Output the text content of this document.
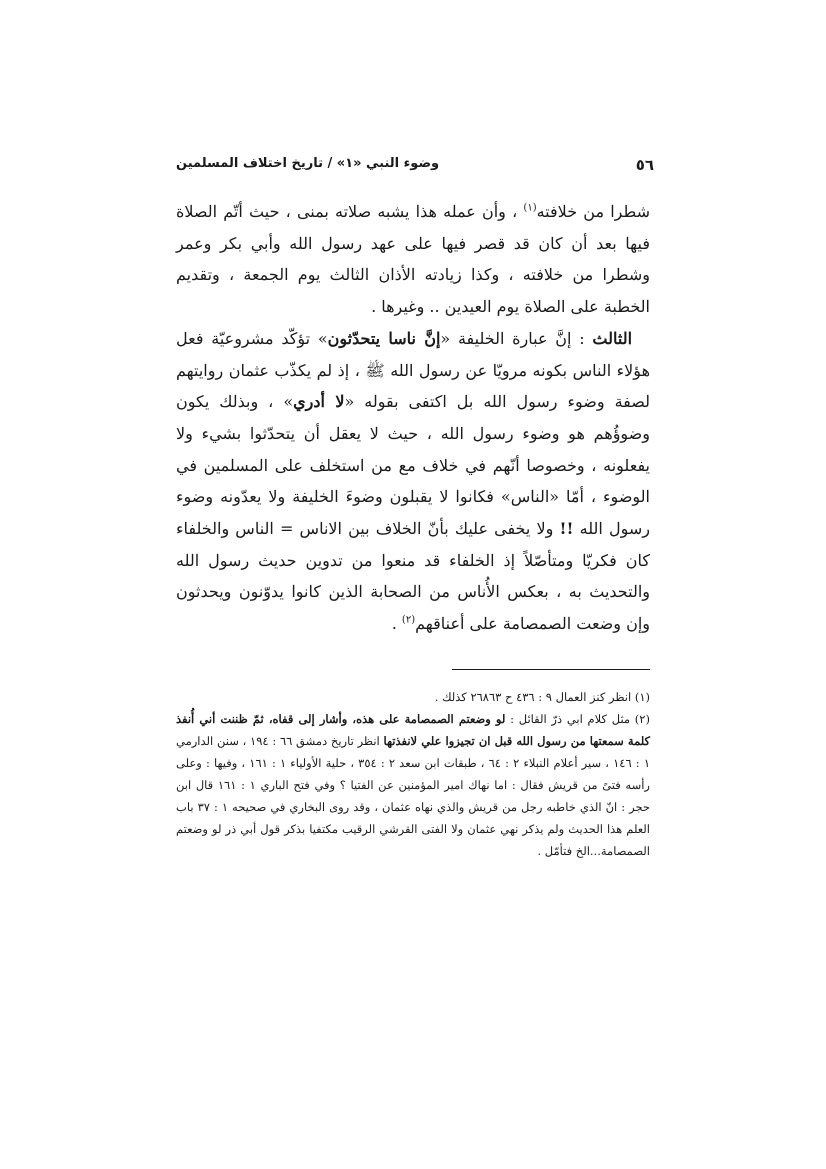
٥٦
وضوء النبي «١» / تاريخ اختلاف المسلمين

شطرا من خلافته$^{(١)}$ ، وأن عمله هذا يشبه صلاته بمنى ، حيث أتّم الصلاة فيها بعد أن كان قد قصر فيها على عهد رسول الله وأبي بكر وعمر وشطرا من خلافته ، وكذا زيادته الأذان الثالث يوم الجمعة ، وتقديم الخطبة على الصلاة يوم العيدين .. وغيرها .

الثالث : إنَّ عبارة الخليفة «إنَّ ناسا يتحدّثون» تؤكّد مشروعيّة فعل هؤلاء الناس بكونه مرويّا عن رسول الله ﷺ ، إذ لم يكذّب عثمان روايتهم لصفة وضوء رسول الله بل اكتفى بقوله «لا أدري» ، وبذلك يكون وضوؤُهم هو وضوء رسول الله ، حيث لا يعقل أن يتحدّثوا بشيء ولا يفعلونه ، وخصوصا أنّهم في خلاف مع من استخلف على المسلمين في الوضوء ، أمّا «الناس» فكانوا لا يقبلون وضوءَ الخليفة ولا يعدّونه وضوء رسول الله !! ولا يخفى عليك بأنّ الخلاف بين الاناس = الناس والخلفاء كان فكريّا ومتأصّلاً إذ الخلفاء قد منعوا من تدوين حديث رسول الله والتحديث به ، بعكس الأُناس من الصحابة الذين كانوا يدوّنون ويحدثون وإن وضعت الصمصامة على أعناقهم$^{(٢)}$ .

(١) انظر كنز العمال ٩ : ٤٣٦ ح ٢٦٨٦٣ كذلك .

(٢) مثل كلام ابي ذرّ القائل : لو وضعتم الصمصامة على هذه، وأشار إلى قفاه، ثمّ ظننت أني أُنفذ كلمة سمعتها من رسول الله قبل ان تجيزوا علي لانفذتها انظر تاريخ دمشق ٦٦ : ١٩٤ ، سنن الدارمي ١ : ١٤٦ ، سير أعلام النبلاء ٢ : ٦٤ ، طبقات ابن سعد ٢ : ٣٥٤ ، حلية الأولياء ١ : ١٦١ ، وفيها : وعلى رأسه فتىً من قريش فقال : اما نهاك امير المؤمنين عن الفتيا ؟ وفي فتح الباري ١ : ١٦١ قال ابن حجر : انّ الذي خاطبه رجل من قريش والذي نهاه عثمان ، وقد روى البخاري في صحيحه ١ : ٣٧ باب العلم هذا الحديث ولم يذكر نهي عثمان ولا الفتى القرشي الرقيب مكتفيا بذكر قول أبي ذر لو وضعتم الصمصامة...الخ فتأمّل .
